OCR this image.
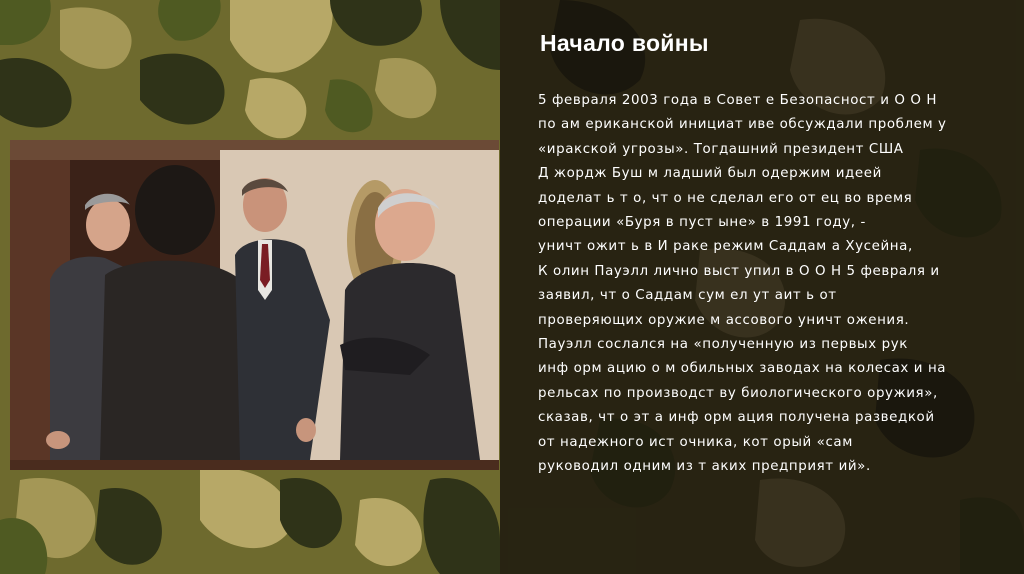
Начало войны
5 февраля 2003 года в Совет е Безопасност и О О Н
по ам ериканской инициат иве обсуждали проблем у
«иракской угрозы». Тогдашний президент США
Д жордж Буш м ладший был одержим идеей
доделат ь т о, чт о не сделал его от ец во время
операции «Буря в пуст ыне» в 1991 году, -
уничт ожит ь в И раке режим Саддам а Хусейна,
К олин Пауэлл лично выст упил в О О Н 5 февраля и
заявил, чт о Саддам сум ел ут аит ь от
проверяющих оружие м ассового уничт ожения.
Пауэлл сослался на «полученную из первых рук
инф орм ацию о м обильных заводах на колесах и на
рельсах по производст ву биологического оружия»,
сказав, чт о эт а инф орм ация получена разведкой
от надежного ист очника, кот орый «сам
руководил одним из т аких предприят ий».
